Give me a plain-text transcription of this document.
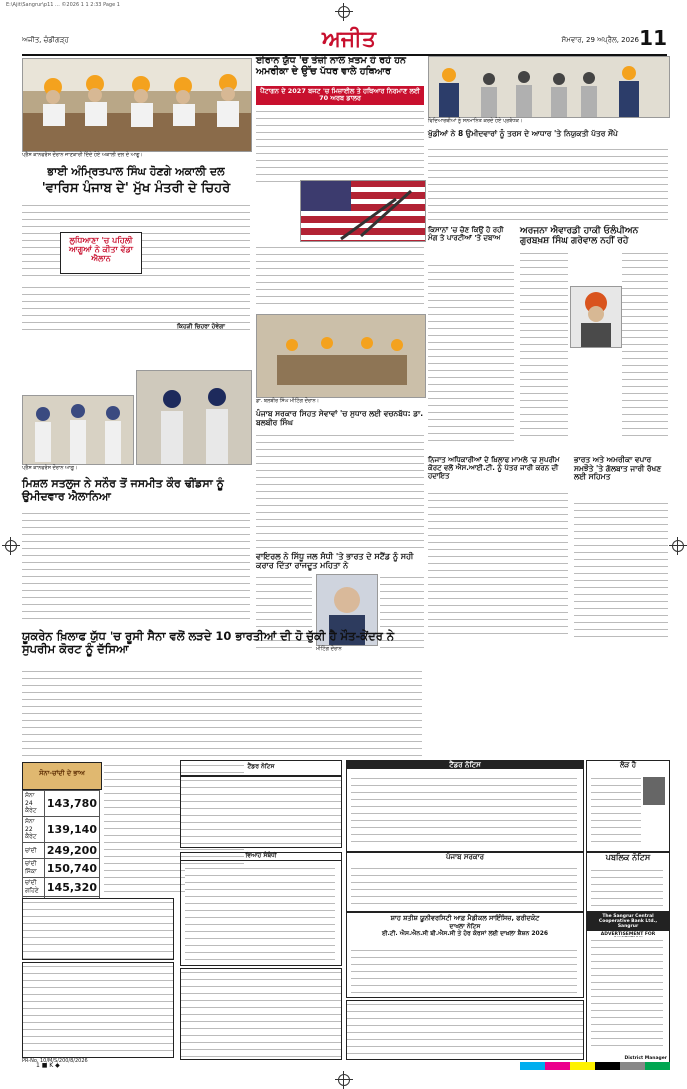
E:\Ajit\Sangrur\p11 ... ©2026 1 1 2:33 Page 1
ਅਜੀਤ, ਚੰਡੀਗੜ੍ਹ	ਅਜੀਤ	ਸੋਮਵਾਰ, 29 ਅਪ੍ਰੈਲ, 2026 11
ਪ੍ਰੈਸ ਕਾਨਫਰੰਸ ਦੌਰਾਨ ਜਾਣਕਾਰੀ ਦਿੰਦੇ ਹੋਏ ਅਕਾਲੀ ਦਲ ਦੇ ਆਗੂ।
ਭਾਈ ਅੰਮ੍ਰਿਤਪਾਲ ਸਿੰਘ ਹੋਣਗੇ ਅਕਾਲੀ ਦਲ
'ਵਾਰਿਸ ਪੰਜਾਬ ਦੇ' ਮੁੱਖ ਮੰਤਰੀ ਦੇ ਚਿਹਰੇ
ਲੁਧਿਆਣਾ 'ਚ ਪਹਿਲੀ ਆਗੂਆਂ ਨੇ ਕੀਤਾ ਵੱਡਾ ਐਲਾਨ
ਕਿਹੜੀ ਚਿਹਰਾ ਹੋਵੇਗਾ
ਪ੍ਰੈਸ ਕਾਨਫਰੰਸ ਦੌਰਾਨ ਆਗੂ।
ਮਿਸ਼ਲ ਸਤਲੁਜ ਨੇ ਸਨੌਰ ਤੋਂ ਜਸਮੀਤ ਕੌਰ ਢੀਂਡਸਾ ਨੂੰ ਉਮੀਦਵਾਰ ਐਲਾਨਿਆ
ਈਰਾਨ ਯੁੱਧ 'ਚ ਤੇਜ਼ੀ ਨਾਲ ਖ਼ਤਮ ਹੋ ਰਹੇ ਹਨ ਅਮਰੀਕਾ ਦੇ ਉੱਚ ਪੱਧਰ ਵਾਲੇ ਹਥਿਆਰ
ਪੈਂਟਾਗਨ ਦੇ 2027 ਬਜਟ 'ਚ ਮਿਜ਼ਾਈਲ ਤੇ ਹਥਿਆਰ ਨਿਰਮਾਣ ਲਈ 70 ਅਰਬ ਡਾਲਰ
ਡਾ. ਬਲਬੀਰ ਸਿੰਘ ਮੀਟਿੰਗ ਦੌਰਾਨ।
ਪੰਜਾਬ ਸਰਕਾਰ ਸਿਹਤ ਸੇਵਾਵਾਂ 'ਚ ਸੁਧਾਰ ਲਈ ਵਚਨਬੱਧ: ਡਾ. ਬਲਬੀਰ ਸਿੰਘ
ਵਾਇਰਲ ਨੇ ਸਿੱਧੂ ਜਲ ਸੰਧੀ 'ਤੇ ਭਾਰਤ ਦੇ ਸਟੈਂਡ ਨੂੰ ਸਹੀ ਕਰਾਰ ਦਿੱਤਾ ਰਾਜਦੂਤ ਮਹਿਤਾ ਨੇ
ਮੀਟਿੰਗ ਦੌਰਾਨ
ਵਿਦਿਆਰਥੀਆਂ ਨੂੰ ਸਨਮਾਨਿਤ ਕਰਦੇ ਹੋਏ ਪ੍ਰਬੰਧਕ।
ਖੁੱਡੀਆਂ ਨੇ 8 ਉਮੀਦਵਾਰਾਂ ਨੂੰ ਤਰਸ ਦੇ ਆਧਾਰ 'ਤੇ ਨਿਯੁਕਤੀ ਪੱਤਰ ਸੌਂਪੇ
ਕਿਸਾਨਾਂ 'ਚ ਚੋਣ ਕਿਉਂ ਹੋ ਰਹੀ ਮੰਗ ਤੇ ਪਾਰਟੀਆਂ 'ਤੇ ਦਬਾਅ
ਅਰਜਨਾ ਐਵਾਰਡੀ ਹਾਕੀ ਓਲੰਪੀਅਨ ਗੁਰਬਖ਼ਸ਼ ਸਿੰਘ ਗਰੇਵਾਲ ਨਹੀਂ ਰਹੇ
ਨਿਜਾਤ ਅਧਿਕਾਰੀਆਂ ਦੇ ਖ਼ਿਲਾਫ ਮਾਮਲੇ 'ਚ ਸੁਪਰੀਮ ਕੋਰਟ ਵਲੋਂ ਐਸ.ਆਈ.ਟੀ. ਨੂੰ ਪੱਤਰ ਜਾਰੀ ਕਰਨ ਦੀ ਹਦਾਇਤ
ਭਾਰਤ ਅਤੇ ਅਮਰੀਕਾ ਵਪਾਰ ਸਮਝੌਤੇ 'ਤੇ ਗੱਲਬਾਤ ਜਾਰੀ ਰੱਖਣ ਲਈ ਸਹਿਮਤ
ਯੂਕਰੇਨ ਖ਼ਿਲਾਫ ਯੁੱਧ 'ਚ ਰੂਸੀ ਸੈਨਾ ਵਲੋਂ ਲੜਦੇ 10 ਭਾਰਤੀਆਂ ਦੀ ਹੋ ਚੁੱਕੀ ਹੈ ਮੌਤ-ਕੇਂਦਰ ਨੇ ਸੁਪਰੀਮ ਕੋਰਟ ਨੂੰ ਦੱਸਿਆ
ਸੋਨਾ-ਚਾਂਦੀ ਦੇ ਭਾਅ
ਸੋਨਾ 24 ਕੈਰੇਟ	143,780
ਸੋਨਾ 22 ਕੈਰੇਟ	139,140
ਚਾਂਦੀ	249,200
ਚਾਂਦੀ ਸਿੱਕਾ	150,740
ਚਾਂਦੀ ਗਹਿਣੇ	145,320

ਟੈਂਡਰ ਨੋਟਿਸ	ਟੈਂਡਰ ਨੋਟਿਸ	ਲੋੜ ਹੈ
ਵਿਆਹ ਸੰਬੰਧੀ	ਪੰਜਾਬ ਸਰਕਾਰ	ਪਬਲਿਕ ਨੋਟਿਸ
ਸ਼ਾਹ ਸ਼ਤੀਸ਼ ਯੂਨੀਵਰਸਿਟੀ ਆਫ਼ ਮੈਡੀਕਲ ਸਾਇੰਸਿਜ਼, ਫਰੀਦਕੋਟ
ਦਾਖਲਾ ਨੋਟਿਸ
ਈ.ਟੀ. ਐਸ.ਐਨ.ਸੀ ਬੀ.ਐਸ.ਸੀ ਤੇ ਹੋਰ ਕੋਰਸਾਂ ਲਈ ਦਾਖ਼ਲਾ ਸ਼ੈਸ਼ਨ 2026
The Sangrur Central Cooperative Bank Ltd., Sangrur
ADVERTISEMENT FOR
District Manager
PR-No. 10/M/S/200/8/2026
1 ■ K ◆
